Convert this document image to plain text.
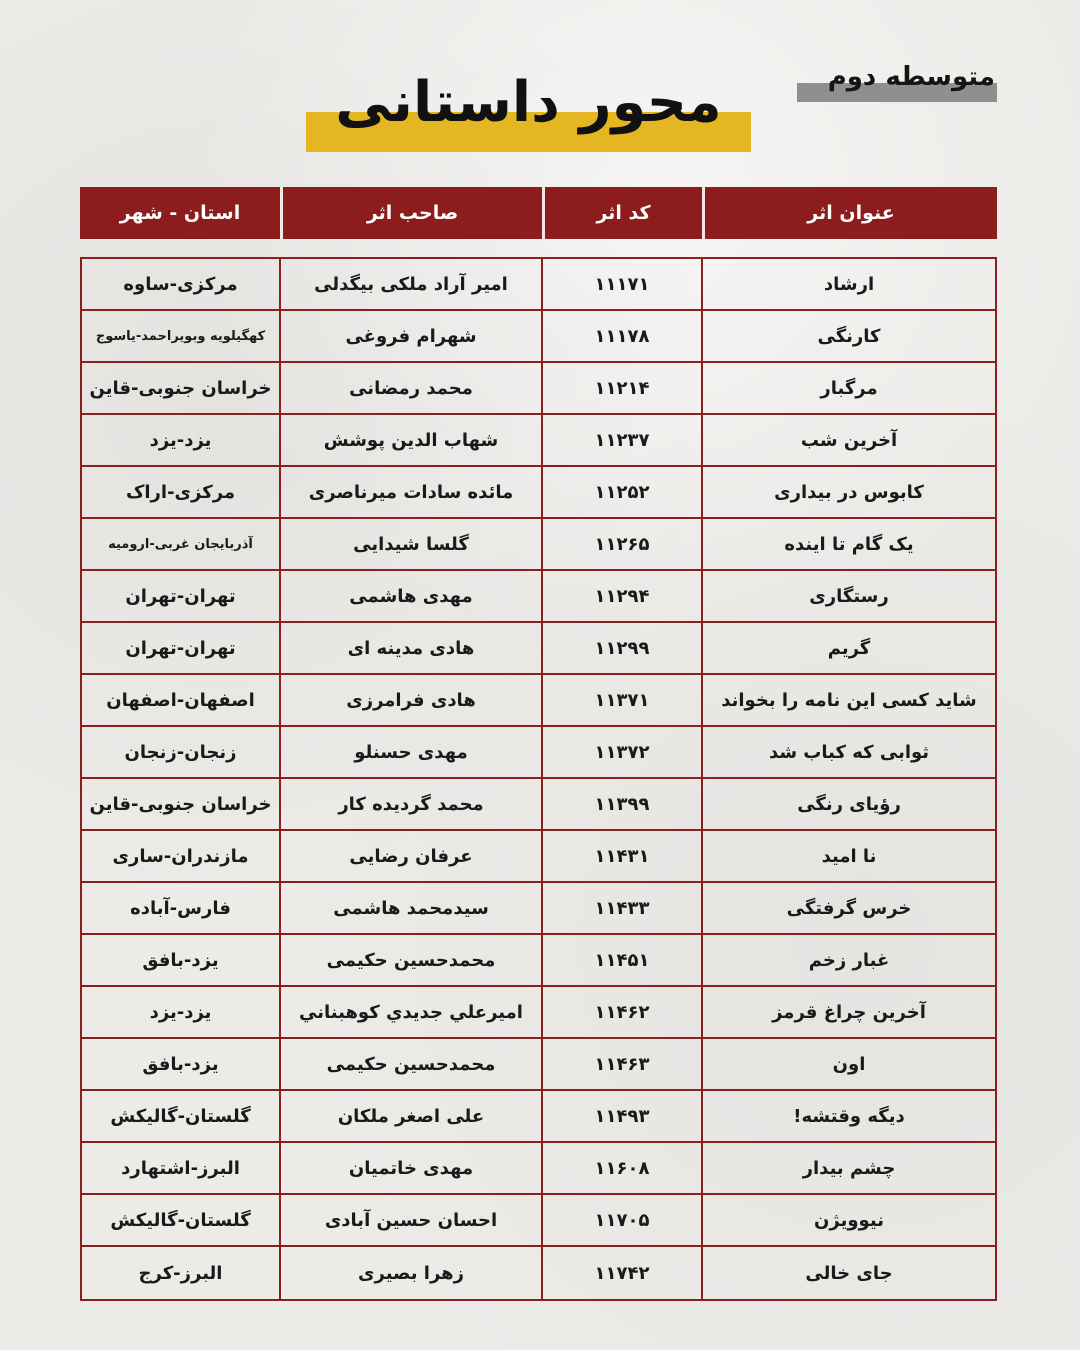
متوسطه دوم
محور داستانی
عنوان اثر
کد اثر
صاحب اثر
استان - شهر
ارشاد
۱۱۱۷۱
امیر آراد ملکی بیگدلی
مرکزی-ساوه
کارنگی
۱۱۱۷۸
شهرام فروغی
کهگیلویه وبویراحمد-یاسوج
مرگبار
۱۱۲۱۴
محمد رمضانی
خراسان جنوبی-قاین
آخرین شب
۱۱۲۳۷
شهاب الدین پوشش
یزد-یزد
کابوس در بیداری
۱۱۲۵۲
مائده سادات میرناصری
مرکزی-اراک
یک گام تا اینده
۱۱۲۶۵
گلسا شیدایی
آذربایجان غربی-ارومیه
رستگاری
۱۱۲۹۴
مهدی هاشمی
تهران-تهران
گریم
۱۱۲۹۹
هادی مدینه ای
تهران-تهران
شاید کسی این نامه را بخواند
۱۱۳۷۱
هادی فرامرزی
اصفهان-اصفهان
ثوابی که کباب شد
۱۱۳۷۲
مهدی حسنلو
زنجان-زنجان
رؤیای رنگی
۱۱۳۹۹
محمد گردیده کار
خراسان جنوبی-قاین
نا امید
۱۱۴۳۱
عرفان رضایی
مازندران-ساری
خرس گرفتگی
۱۱۴۳۳
سیدمحمد هاشمی
فارس-آباده
غبار زخم
۱۱۴۵۱
محمدحسین حکیمی
یزد-بافق
آخرین چراغ قرمز
۱۱۴۶۲
اميرعلي جديدي كوهبناني
یزد-یزد
اون
۱۱۴۶۳
محمدحسین حکیمی
یزد-بافق
دیگه وقتشه!
۱۱۴۹۳
علی اصغر ملکان
گلستان-گالیکش
چشم بیدار
۱۱۶۰۸
مهدی خاتمیان
البرز-اشتهارد
نیوویژن
۱۱۷۰۵
احسان حسین آبادی
گلستان-گالیکش
جای خالی
۱۱۷۴۲
زهرا بصیری
البرز-کرج
